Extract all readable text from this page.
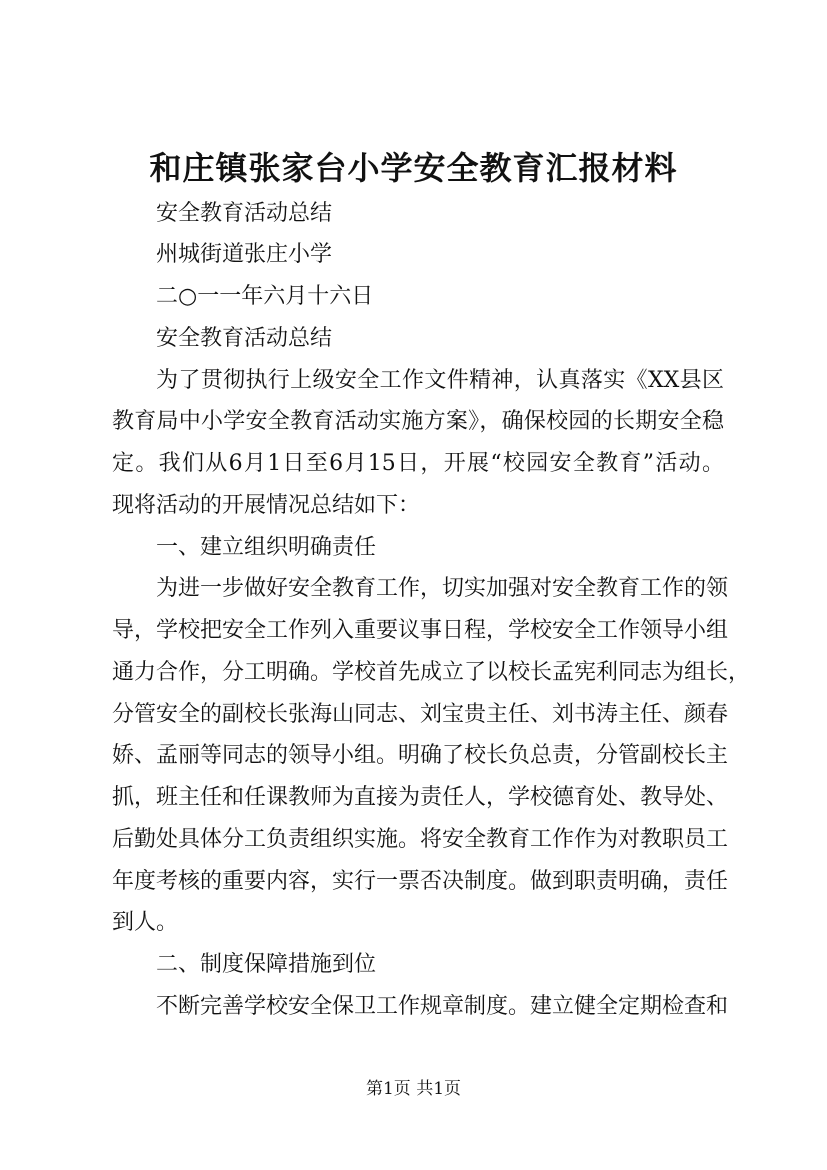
和庄镇张家台小学安全教育汇报材料
安全教育活动总结
州城街道张庄小学
二○一一年六月十六日
安全教育活动总结
为了贯彻执行上级安全工作文件精神，认真落实《XX县区
教育局中小学安全教育活动实施方案》，确保校园的长期安全稳
定。我们从6月1日至6月15日，开展“校园安全教育”活动。
现将活动的开展情况总结如下：
一、建立组织明确责任
为进一步做好安全教育工作，切实加强对安全教育工作的领
导，学校把安全工作列入重要议事日程，学校安全工作领导小组
通力合作，分工明确。学校首先成立了以校长孟宪利同志为组长，
分管安全的副校长张海山同志、刘宝贵主任、刘书涛主任、颜春
娇、孟丽等同志的领导小组。明确了校长负总责，分管副校长主
抓，班主任和任课教师为直接为责任人，学校德育处、教导处、
后勤处具体分工负责组织实施。将安全教育工作作为对教职员工
年度考核的重要内容，实行一票否决制度。做到职责明确，责任
到人。
二、制度保障措施到位
不断完善学校安全保卫工作规章制度。建立健全定期检查和
第1页 共1页
